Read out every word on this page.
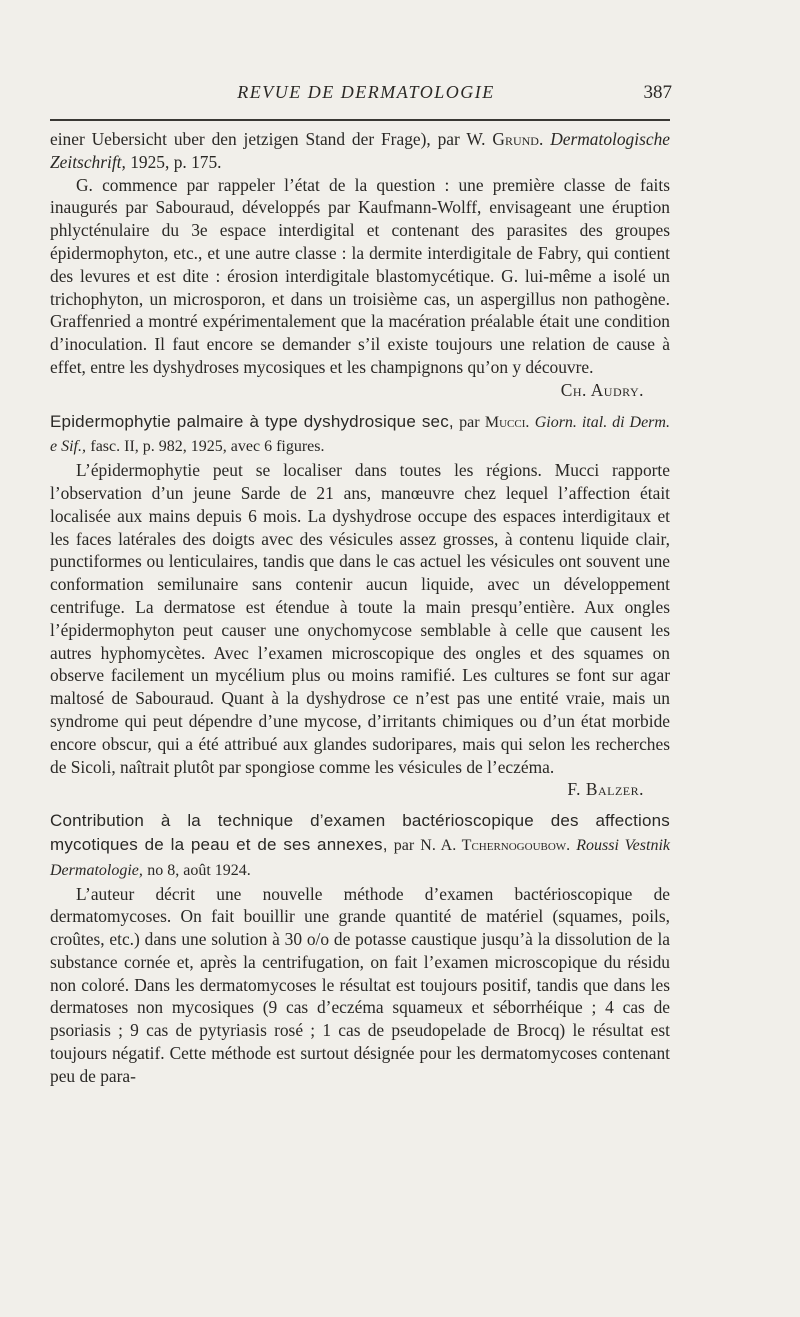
REVUE DE DERMATOLOGIE	387

einer Uebersicht uber den jetzigen Stand der Frage), par W. Grund. Dermatologische Zeitschrift, 1925, p. 175.

G. commence par rappeler l’état de la question : une première classe de faits inaugurés par Sabouraud, développés par Kaufmann-Wolff, envisageant une éruption phlycténulaire du 3e espace interdigital et contenant des parasites des groupes épidermophyton, etc., et une autre classe : la dermite interdigitale de Fabry, qui contient des levures et est dite : érosion interdigitale blastomycétique. G. lui-même a isolé un trichophyton, un microsporon, et dans un troisième cas, un aspergillus non pathogène. Graffenried a montré expérimentalement que la macération préalable était une condition d’inoculation. Il faut encore se demander s’il existe toujours une relation de cause à effet, entre les dyshydroses mycosiques et les champignons qu’on y découvre.

Ch. Audry.

Epidermophytie palmaire à type dyshydrosique sec, par Mucci. Giorn. ital. di Derm. e Sif., fasc. II, p. 982, 1925, avec 6 figures.

L’épidermophytie peut se localiser dans toutes les régions. Mucci rapporte l’observation d’un jeune Sarde de 21 ans, manœuvre chez lequel l’affection était localisée aux mains depuis 6 mois. La dyshydrose occupe des espaces interdigitaux et les faces latérales des doigts avec des vésicules assez grosses, à contenu liquide clair, punctiformes ou lenticulaires, tandis que dans le cas actuel les vésicules ont souvent une conformation semilunaire sans contenir aucun liquide, avec un développement centrifuge. La dermatose est étendue à toute la main presqu’entière. Aux ongles l’épidermophyton peut causer une onychomycose semblable à celle que causent les autres hyphomycètes. Avec l’examen microscopique des ongles et des squames on observe facilement un mycélium plus ou moins ramifié. Les cultures se font sur agar maltosé de Sabouraud. Quant à la dyshydrose ce n’est pas une entité vraie, mais un syndrome qui peut dépendre d’une mycose, d’irritants chimiques ou d’un état morbide encore obscur, qui a été attribué aux glandes sudoripares, mais qui selon les recherches de Sicoli, naîtrait plutôt par spongiose comme les vésicules de l’eczéma.

F. Balzer.

Contribution à la technique d’examen bactérioscopique des affections mycotiques de la peau et de ses annexes, par N. A. Tchernogoubow. Roussi Vestnik Dermatologie, no 8, août 1924.

L’auteur décrit une nouvelle méthode d’examen bactérioscopique de dermatomycoses. On fait bouillir une grande quantité de matériel (squames, poils, croûtes, etc.) dans une solution à 30 o/o de potasse caustique jusqu’à la dissolution de la substance cornée et, après la centrifugation, on fait l’examen microscopique du résidu non coloré. Dans les dermatomycoses le résultat est toujours positif, tandis que dans les dermatoses non mycosiques (9 cas d’eczéma squameux et séborrhéique ; 4 cas de psoriasis ; 9 cas de pytyriasis rosé ; 1 cas de pseudopelade de Brocq) le résultat est toujours négatif. Cette méthode est surtout désignée pour les dermatomycoses contenant peu de para-
